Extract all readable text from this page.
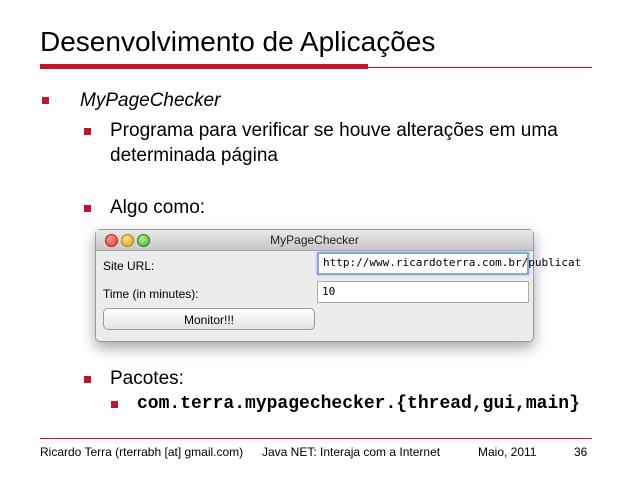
Desenvolvimento de Aplicações
MyPageChecker
Programa para verificar se houve alterações em uma
determinada página
Algo como:
MyPageChecker
Site URL:	http://www.ricardoterra.com.br/publicat
Time (in minutes):	10
Monitor!!!
Pacotes:
com.terra.mypagechecker.{thread,gui,main}
Ricardo Terra (rterrabh [at] gmail.com) Java NET: Interaja com a Internet	Maio, 2011	36
